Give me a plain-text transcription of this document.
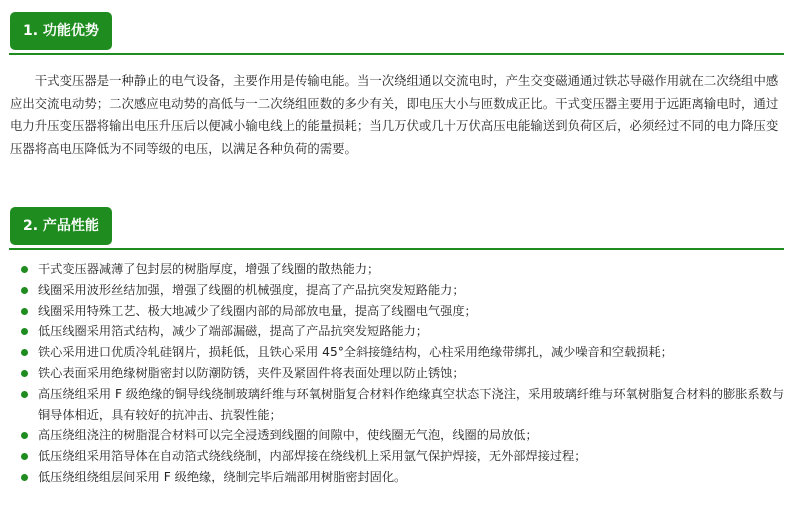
1. 功能优势

干式变压器是一种静止的电气设备，主要作用是传输电能。当一次绕组通以交流电时，产生交变磁通通过铁芯导磁作用就在二次绕组中感应出交流电动势；二次感应电动势的高低与一二次绕组匝数的多少有关，即电压大小与匝数成正比。干式变压器主要用于远距离输电时，通过电力升压变压器将输出电压升压后以便减小输电线上的能量损耗；当几万伏或几十万伏高压电能输送到负荷区后，必须经过不同的电力降压变压器将高电压降低为不同等级的电压，以满足各种负荷的需要。

2. 产品性能
干式变压器减薄了包封层的树脂厚度，增强了线圈的散热能力；
线圈采用波形丝结加强，增强了线圈的机械强度，提高了产品抗突发短路能力；
线圈采用特殊工艺、极大地减少了线圈内部的局部放电量，提高了线圈电气强度；
低压线圈采用箔式结构，减少了端部漏磁，提高了产品抗突发短路能力；
铁心采用进口优质冷轧硅钢片，损耗低，且铁心采用 45°全斜接缝结构，心柱采用绝缘带绑扎，减少噪音和空载损耗；
铁心表面采用绝缘树脂密封以防潮防锈，夹件及紧固件将表面处理以防止锈蚀；
高压绕组采用 F 级绝缘的铜导线绕制玻璃纤维与环氧树脂复合材料作绝缘真空状态下浇注，采用玻璃纤维与环氧树脂复合材料的膨胀系数与铜导体相近，具有较好的抗冲击、抗裂性能；
高压绕组浇注的树脂混合材料可以完全浸透到线圈的间隙中，使线圈无气泡，线圈的局放低；
低压绕组采用箔导体在自动箔式绕线绕制，内部焊接在绕线机上采用氩气保护焊接，无外部焊接过程；
低压绕组绕组层间采用 F 级绝缘，绕制完毕后端部用树脂密封固化。
